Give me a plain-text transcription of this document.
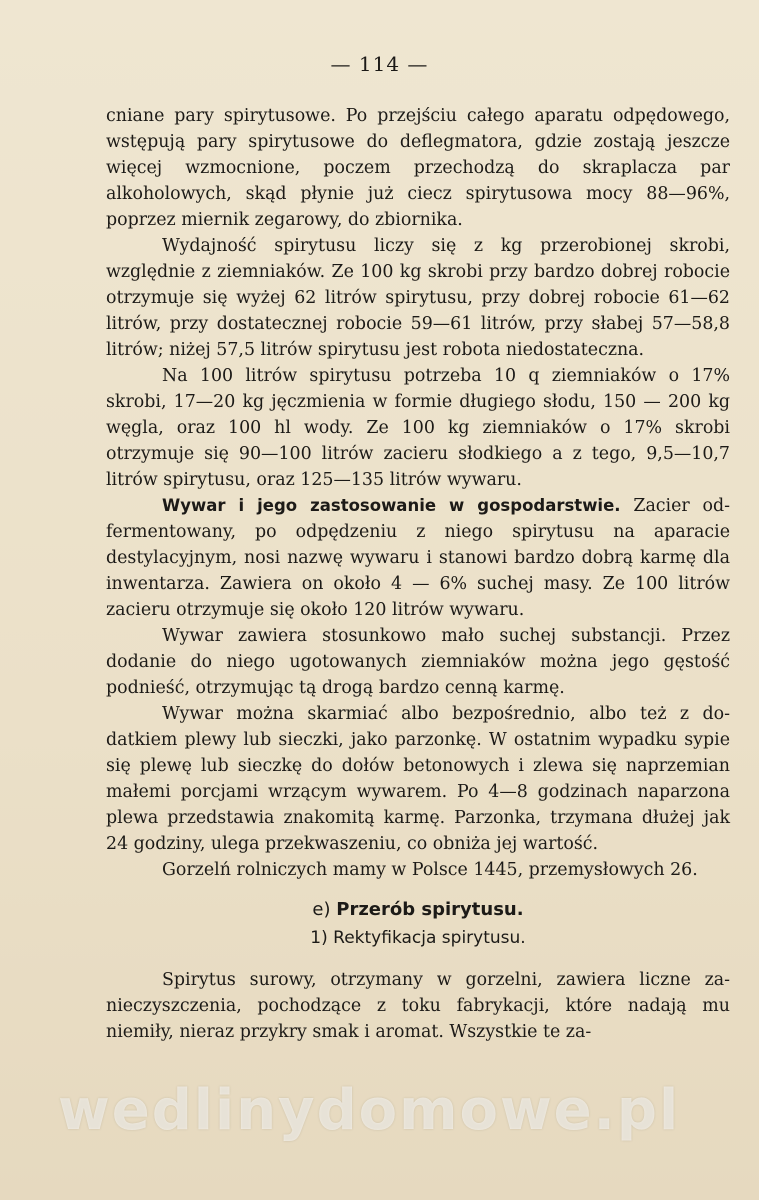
— 114 —

cniane pary spirytusowe. Po przejściu całego aparatu odpędowego, wstępują pary spirytusowe do deflegmatora, gdzie zostają jeszcze więcej wzmocnione, poczem przechodzą do skraplacza par alkoholowych, skąd płynie już ciecz spirytusowa mocy 88—96%, poprzez miernik zegarowy, do zbiornika.

Wydajność spirytusu liczy się z kg przerobionej skrobi, względnie z ziemniaków. Ze 100 kg skrobi przy bardzo dobrej robocie otrzymuje się wyżej 62 litrów spirytusu, przy dobrej robocie 61—62 litrów, przy dostatecznej robocie 59—61 litrów, przy słabej 57—58,8 litrów; niżej 57,5 litrów spirytusu jest robota niedostateczna.

Na 100 litrów spirytusu potrzeba 10 q ziemniaków o 17% skrobi, 17—20 kg jęczmienia w formie długiego słodu, 150 — 200 kg węgla, oraz 100 hl wody. Ze 100 kg ziemniaków o 17% skrobi otrzymuje się 90—100 litrów zacieru słodkiego a z tego, 9,5—10,7 litrów spirytusu, oraz 125—135 litrów wywaru.

Wywar i jego zastosowanie w gospodarstwie. Zacier odfermentowany, po odpędzeniu z niego spirytusu na aparacie destylacyjnym, nosi nazwę wywaru i stanowi bardzo dobrą karmę dla inwentarza. Zawiera on około 4 — 6% suchej masy. Ze 100 litrów zacieru otrzymuje się około 120 litrów wywaru.

Wywar zawiera stosunkowo mało suchej substancji. Przez dodanie do niego ugotowanych ziemniaków można jego gęstość podnieść, otrzymując tą drogą bardzo cenną karmę.

Wywar można skarmiać albo bezpośrednio, albo też z dodatkiem plewy lub sieczki, jako parzonkę. W ostatnim wypadku sypie się plewę lub sieczkę do dołów betonowych i zlewa się naprzemian małemi porcjami wrzącym wywarem. Po 4—8 godzinach naparzona plewa przedstawia znakomitą karmę. Parzonka, trzymana dłużej jak 24 godziny, ulega przekwaszeniu, co obniża jej wartość.

Gorzelń rolniczych mamy w Polsce 1445, przemysłowych 26.

e) Przerób spirytusu.
1) Rektyfikacja spirytusu.

Spirytus surowy, otrzymany w gorzelni, zawiera liczne zanieczyszczenia, pochodzące z toku fabrykacji, które nadają mu niemiły, nieraz przykry smak i aromat. Wszystkie te za-

wedlinydomowe.pl
